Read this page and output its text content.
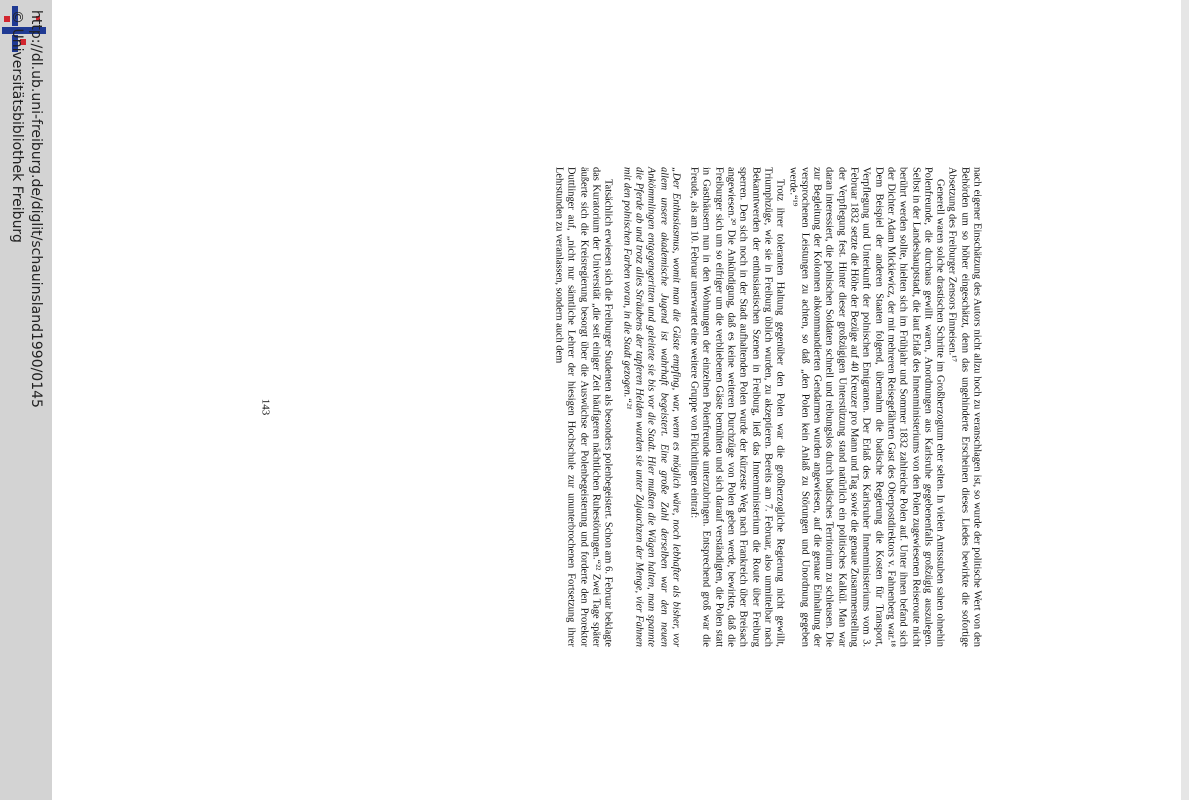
http://dl.ub.uni-freiburg.de/diglit/schauinsland1990/0145
© Universitätsbibliothek Freiburg

nach eigener Einschätzung des Autors nicht allzu hoch zu veranschlagen ist, so wurde der politische Wert von den Behörden um so höher eingeschätzt, denn das ungehinderte Erscheinen dieses Liedes bewirkte die sofortige Absetzung des Freiburger Zensors Finneisen.¹⁷

Generell waren solche drastischen Schritte im Großherzogtum eher selten. In vielen Amtsstuben sahen ohnehin Polenfreunde, die durchaus gewillt waren, Anordnungen aus Karlsruhe gegebenenfalls großzügig auszulegen. Selbst in der Landeshauptstadt, die laut Erlaß des Innenministeriums von den Polen zugewiesenen Reiseroute nicht berührt werden sollte, hielten sich im Frühjahr und Sommer 1832 zahlreiche Polen auf. Unter ihnen befand sich der Dichter Adam Mickiewicz, der mit mehreren Reisegefährten Gast des Oberpostdirektors v. Fahnenberg war.¹⁸ Dem Beispiel der anderen Staaten folgend, übernahm die badische Regierung die Kosten für Transport, Verpflegung und Unterkunft der polnischen Emigranten. Der Erlaß des Karlsruher Innenministeriums vom 3. Februar 1832 setzte die Höhe der Bezüge auf 40 Kreuzer pro Mann und Tag sowie die genaue Zusammenstellung der Verpflegung fest. Hinter dieser großzügigen Unterstützung stand natürlich ein politisches Kalkül. Man war daran interessiert, die polnischen Soldaten schnell und reibungslos durch badisches Territorium zu schleusen. Die zur Begleitung der Kolonnen abkommandierten Gendarmen wurden angewiesen, auf die genaue Einhaltung der versprochenen Leistungen zu achten, so daß „den Polen kein Anlaß zu Störungen und Unordnung gegeben werde.“¹⁹

Trotz ihrer toleranten Haltung gegenüber den Polen war die großherzogliche Regierung nicht gewillt, Triumphzüge, wie sie in Freiburg üblich wurden, zu akzeptieren. Bereits am 7. Februar, also unmittelbar nach Bekanntwerden der enthusiastischen Szenen in Freiburg, ließ das Innenministerium die Route über Freiburg sperren. Den sich noch in der Stadt aufhaltenden Polen wurde der kürzeste Weg nach Frankreich über Breisach angewiesen.²⁰ Die Ankündigung, daß es keine weiteren Durchzüge von Polen geben werde, bewirkte, daß die Freiburger sich um so eifriger um die verbliebenen Gäste bemühten und sich darauf verständigten, die Polen statt in Gasthäusern nun in den Wohnungen der einzelnen Polenfreunde unterzubringen. Entsprechend groß war die Freude, als am 10. Februar unerwartet eine weitere Gruppe von Flüchtlingen eintraf:

„Der Enthusiasmus, womit man die Gäste empfing, war, wenn es möglich wäre, noch lebhafter als bisher, vor allem unsere akademische Jugend ist wahrhaft begeistert. Eine große Zahl derselben war den neuen Ankömmlingen entgegengeritten und geleitete sie bis vor die Stadt. Hier mußten die Wägen halten, man spannte die Pferde ab und trotz alles Sträubens der tapferen Helden wurden sie unter Zujauchzen der Menge, vier Fahnen mit den polnischen Farben voran, in die Stadt gezogen.“²¹

Tatsächlich erwiesen sich die Freiburger Studenten als besonders polenbegeistert. Schon am 6. Februar beklagte das Kuratorium der Universität „die seit einiger Zeit häufigeren nächtlichen Ruhestörungen.“²² Zwei Tage später äußerte sich die Kreisregierung besorgt über die Auswüchse der Polenbegeisterung und forderte den Prorektor Duttlinger auf, „nicht nur sämtliche Lehrer der hiesigen Hochschule zur ununterbrochenen Fortsetzung ihrer Lehrstunden zu veranlassen, sondern auch dem

143
